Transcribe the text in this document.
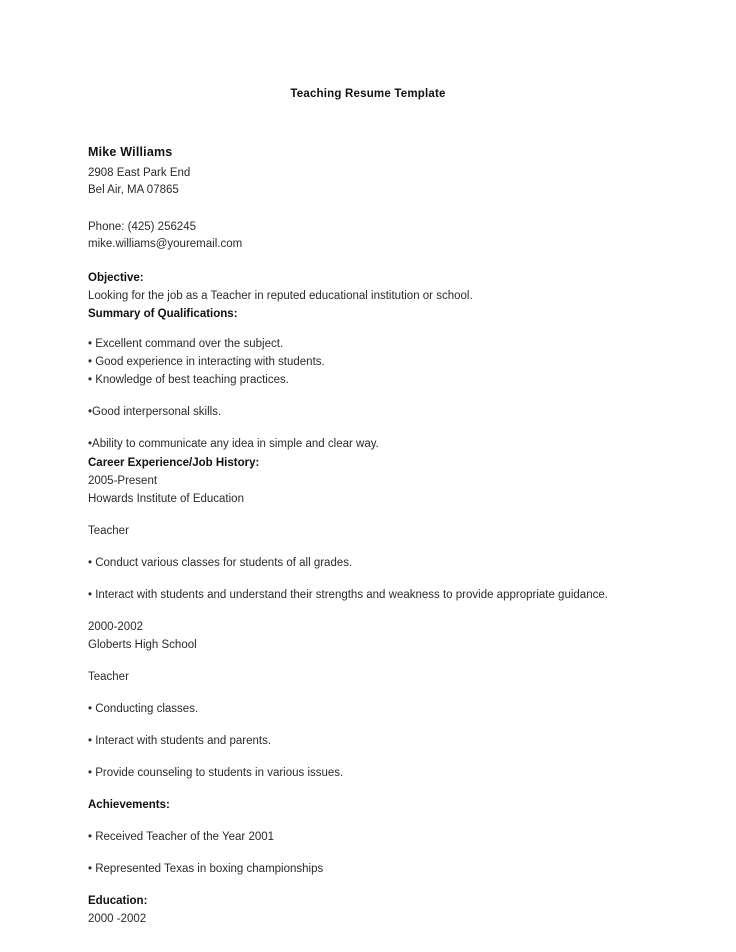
Teaching Resume Template

Mike Williams

2908 East Park End

Bel Air, MA 07865

Phone: (425) 256245

mike.williams@youremail.com

Objective:

Looking for the job as a Teacher in reputed educational institution or school.

Summary of Qualifications:

• Excellent command over the subject.

• Good experience in interacting with students.

• Knowledge of best teaching practices.

•Good interpersonal skills.

•Ability to communicate any idea in simple and clear way.

Career Experience/Job History:

2005-Present

Howards Institute of Education

Teacher

• Conduct various classes for students of all grades.

• Interact with students and understand their strengths and weakness to provide appropriate guidance.

2000-2002

Globerts High School

Teacher

• Conducting classes.

• Interact with students and parents.

• Provide counseling to students in various issues.

Achievements:

• Received Teacher of the Year 2001

• Represented Texas in boxing championships

Education:

2000 -2002
